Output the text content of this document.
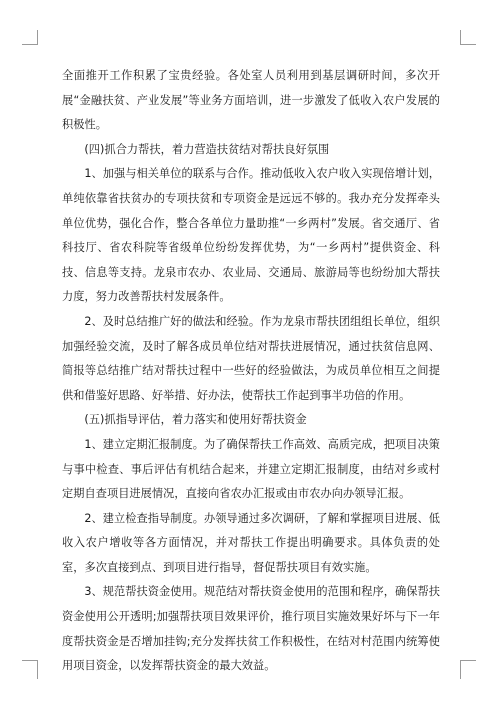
全面推开工作积累了宝贵经验。各处室人员利用到基层调研时间，多次开展“金融扶贫、产业发展”等业务方面培训，进一步激发了低收入农户发展的积极性。

(四)抓合力帮扶，着力营造扶贫结对帮扶良好氛围

1、加强与相关单位的联系与合作。推动低收入农户收入实现倍增计划，单纯依靠省扶贫办的专项扶贫和专项资金是远远不够的。我办充分发挥牵头单位优势，强化合作，整合各单位力量助推“一乡两村”发展。省交通厅、省科技厅、省农科院等省级单位纷纷发挥优势，为“一乡两村”提供资金、科技、信息等支持。龙泉市农办、农业局、交通局、旅游局等也纷纷加大帮扶力度，努力改善帮扶村发展条件。

2、及时总结推广好的做法和经验。作为龙泉市帮扶团组组长单位，组织加强经验交流，及时了解各成员单位结对帮扶进展情况，通过扶贫信息网、简报等总结推广结对帮扶过程中一些好的经验做法，为成员单位相互之间提供和借鉴好思路、好举措、好办法，使帮扶工作起到事半功倍的作用。

(五)抓指导评估，着力落实和使用好帮扶资金

1、建立定期汇报制度。为了确保帮扶工作高效、高质完成，把项目决策与事中检查、事后评估有机结合起来，并建立定期汇报制度，由结对乡或村定期自查项目进展情况，直接向省农办汇报或由市农办向办领导汇报。

2、建立检查指导制度。办领导通过多次调研，了解和掌握项目进展、低收入农户增收等各方面情况，并对帮扶工作提出明确要求。具体负责的处室，多次直接到点、到项目进行指导，督促帮扶项目有效实施。

3、规范帮扶资金使用。规范结对帮扶资金使用的范围和程序，确保帮扶资金使用公开透明;加强帮扶项目效果评价，推行项目实施效果好坏与下一年度帮扶资金是否增加挂钩;充分发挥扶贫工作积极性，在结对村范围内统筹使用项目资金，以发挥帮扶资金的最大效益。
